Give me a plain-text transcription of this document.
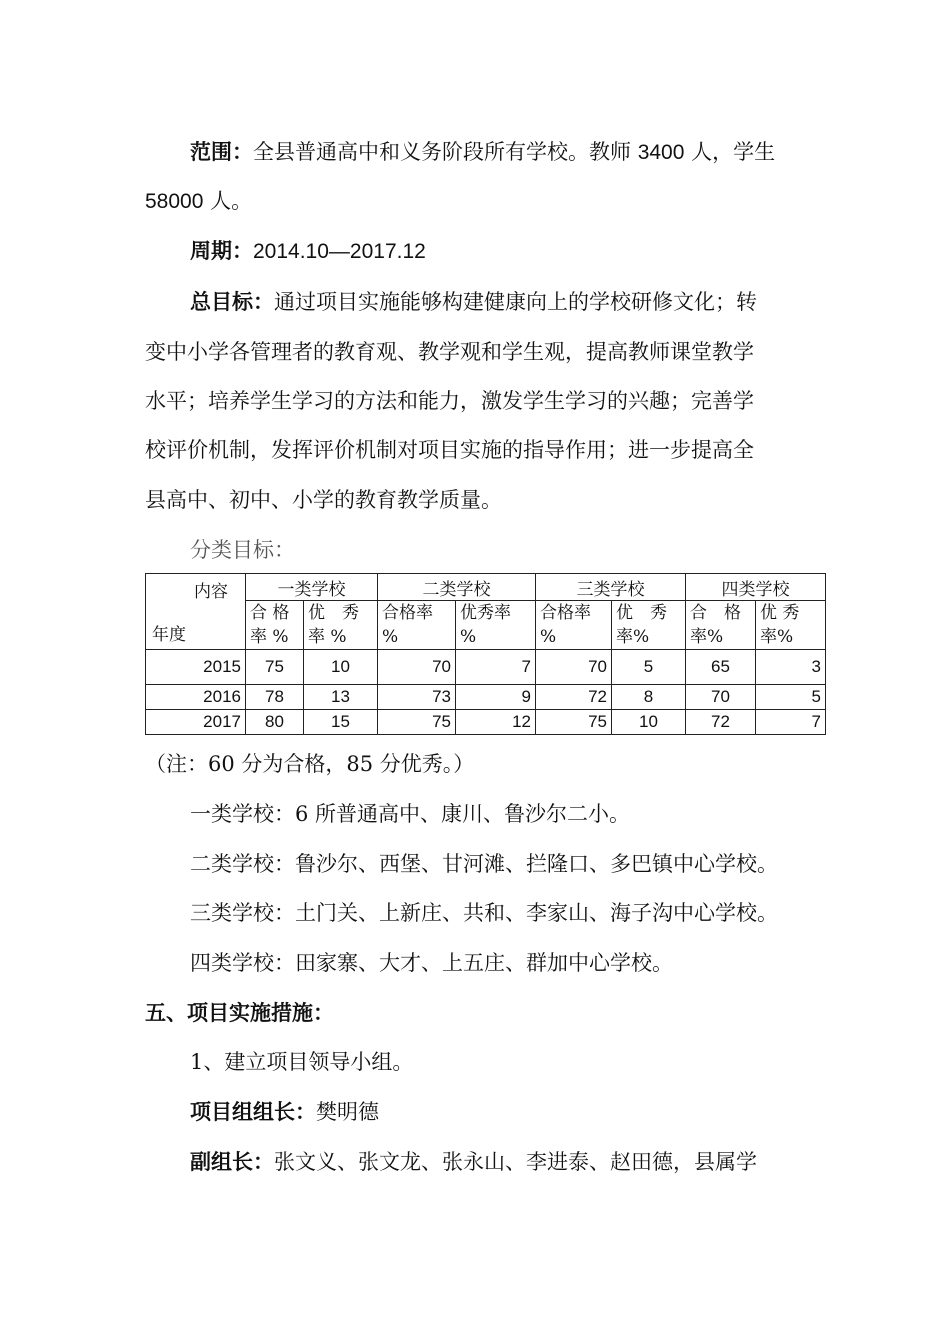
范围：全县普通高中和义务阶段所有学校。教师 3400 人，学生
58000 人。
周期：2014.10—2017.12
总目标：通过项目实施能够构建健康向上的学校研修文化；转
变中小学各管理者的教育观、教学观和学生观，提高教师课堂教学
水平；培养学生学习的方法和能力，激发学生学习的兴趣；完善学
校评价机制，发挥评价机制对项目实施的指导作用；进一步提高全
县高中、初中、小学的教育教学质量。
分类目标：
内容
年度	一类学校		二类学校		三类学校		四类学校	
	合 格 率 %	优　秀 率 %	合格率 %	优秀率 %	合格率 %	优　秀 率%	合　格 率%	优 秀 率%
2015	75	10	70	7	70	5	65	3
2016	78	13	73	9	72	8	70	5
2017	80	15	75	12	75	10	72	7
（注：60 分为合格，85 分优秀。）
一类学校：6 所普通高中、康川、鲁沙尔二小。
二类学校：鲁沙尔、西堡、甘河滩、拦隆口、多巴镇中心学校。
三类学校：土门关、上新庄、共和、李家山、海子沟中心学校。
四类学校：田家寨、大才、上五庄、群加中心学校。
五、项目实施措施：
1、建立项目领导小组。
项目组组长：樊明德
副组长：张文义、张文龙、张永山、李进泰、赵田德，县属学
